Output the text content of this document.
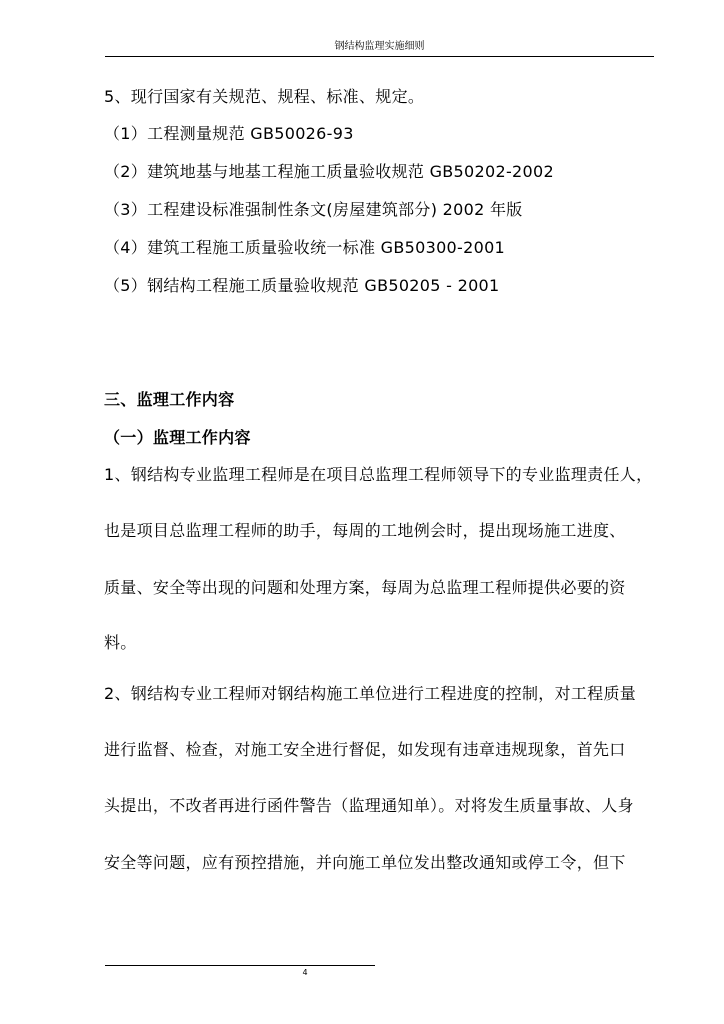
钢结构监理实施细则
5、现行国家有关规范、规程、标准、规定。
（1）工程测量规范 GB50026-93
（2）建筑地基与地基工程施工质量验收规范 GB50202-2002
（3）工程建设标准强制性条文(房屋建筑部分) 2002 年版
（4）建筑工程施工质量验收统一标准 GB50300-2001
（5）钢结构工程施工质量验收规范 GB50205 - 2001
三、监理工作内容
（一）监理工作内容
1、钢结构专业监理工程师是在项目总监理工程师领导下的专业监理责任人，
也是项目总监理工程师的助手，每周的工地例会时，提出现场施工进度、
质量、安全等出现的问题和处理方案，每周为总监理工程师提供必要的资
料。
2、钢结构专业工程师对钢结构施工单位进行工程进度的控制，对工程质量
进行监督、检查，对施工安全进行督促，如发现有违章违规现象，首先口
头提出，不改者再进行函件警告（监理通知单）。对将发生质量事故、人身
安全等问题，应有预控措施，并向施工单位发出整改通知或停工令，但下
4
